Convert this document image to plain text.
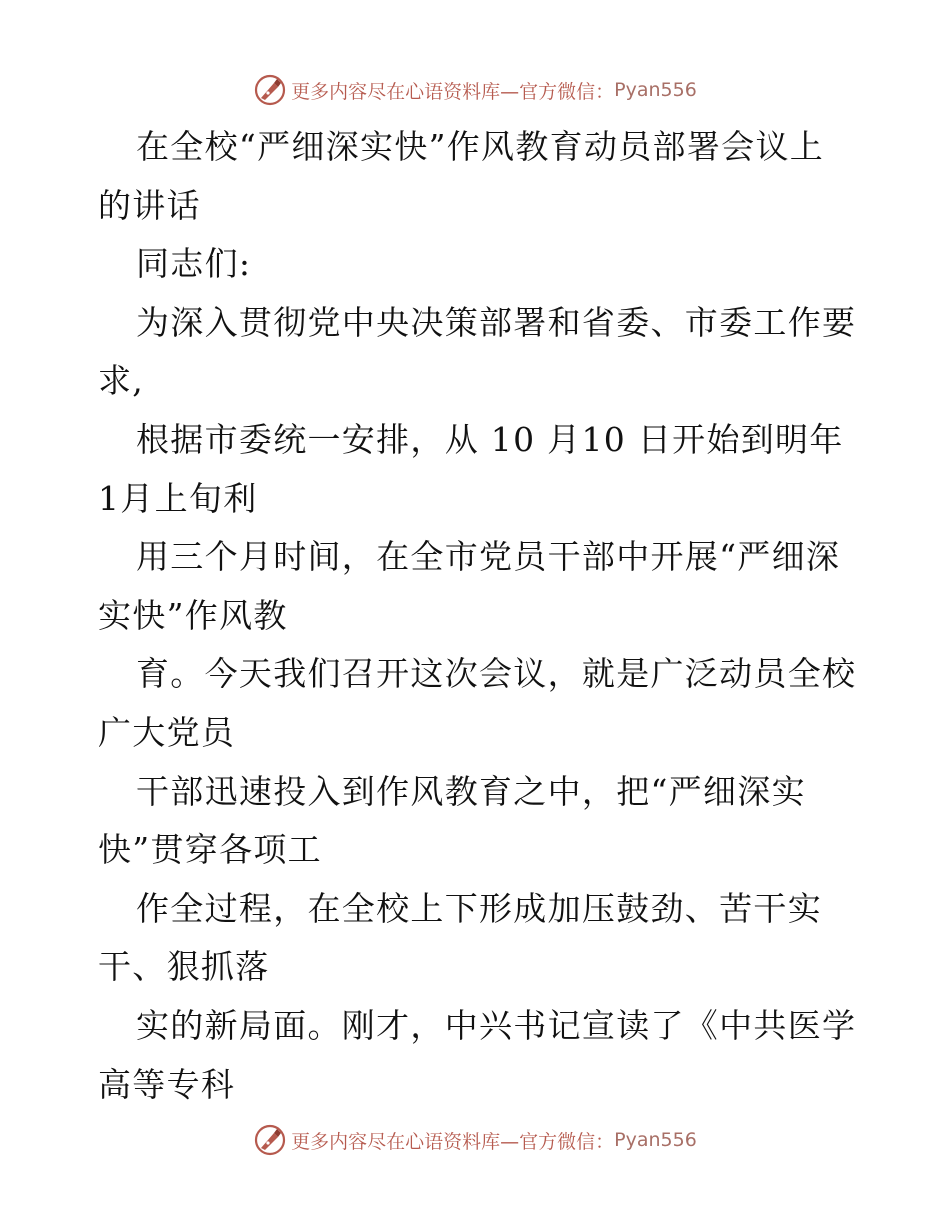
更多内容尽在心语资料库—官方微信： Pyan556

在全校“严细深实快”作风教育动员部署会议上

的讲话

同志们:

为深入贯彻党中央决策部署和省委、市委工作要

求,

根据市委统一安排，从 10 月10 日开始到明年

1月上旬利

用三个月时间，在全市党员干部中开展“严细深

实快”作风教

育。今天我们召开这次会议，就是广泛动员全校

广大党员

干部迅速投入到作风教育之中，把“严细深实

快”贯穿各项工

作全过程，在全校上下形成加压鼓劲、苦干实

干、狠抓落

实的新局面。刚才，中兴书记宣读了《中共医学

高等专科

更多内容尽在心语资料库—官方微信： Pyan556
